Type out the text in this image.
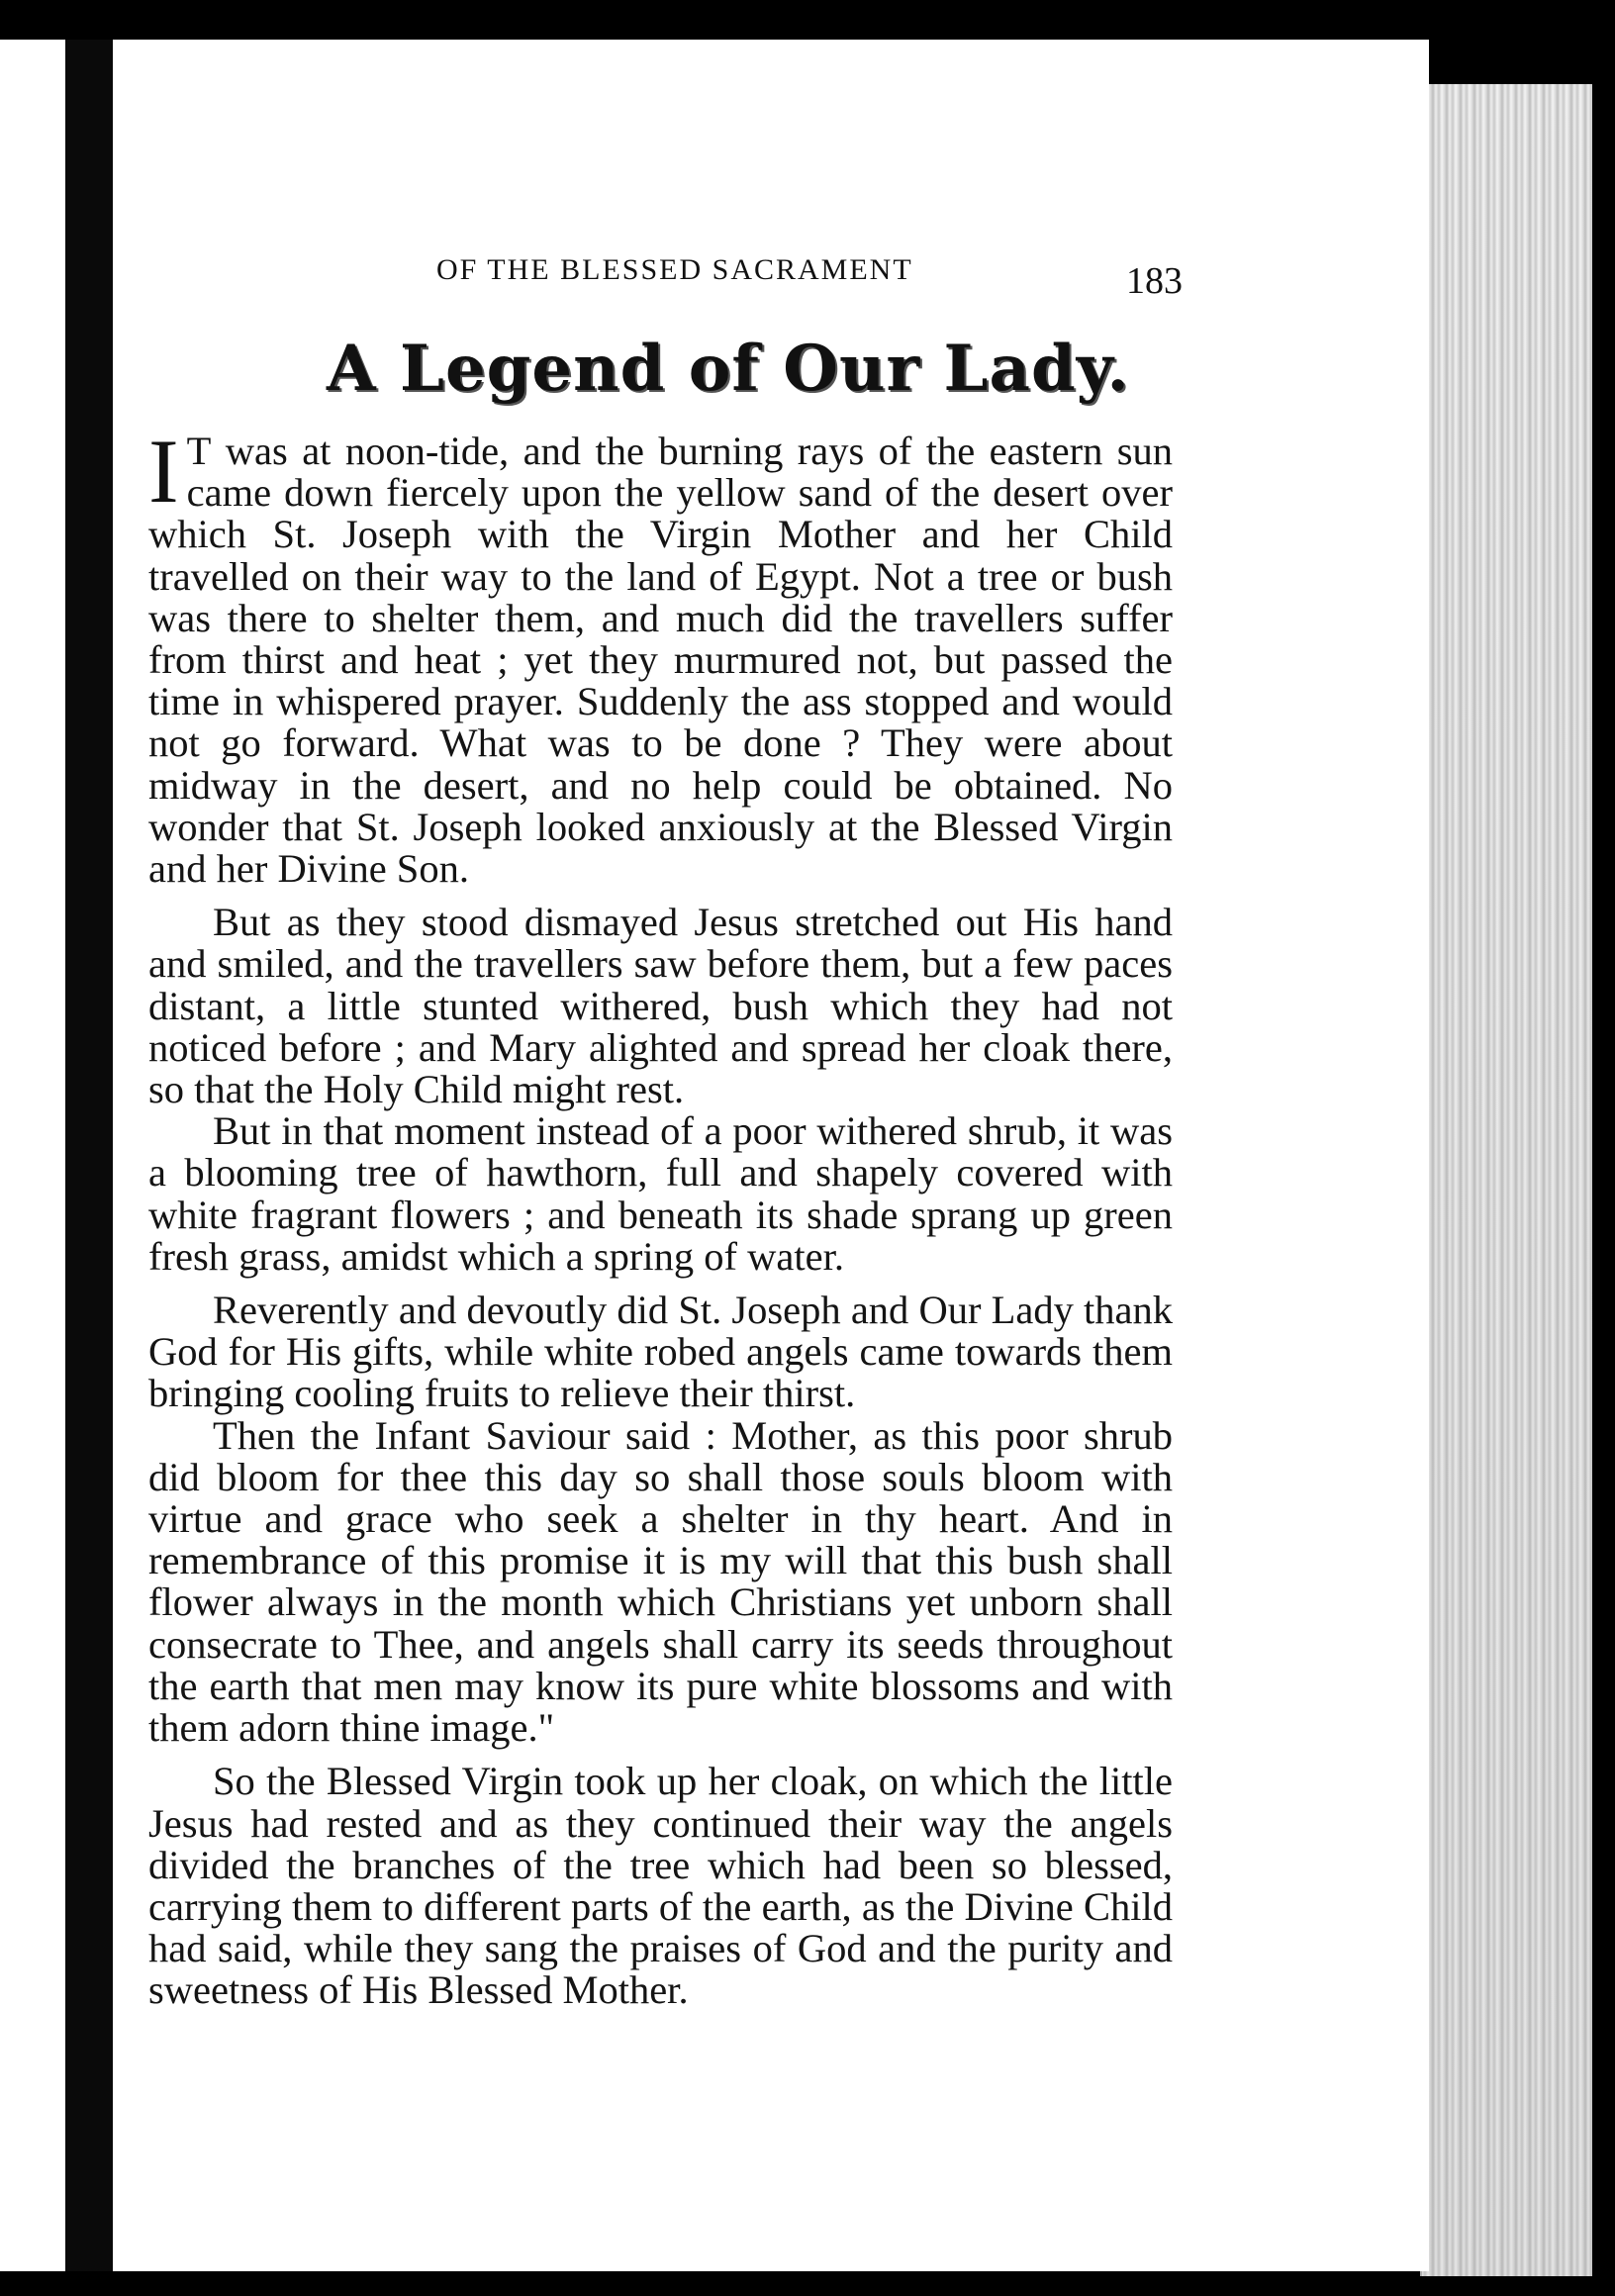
OF THE BLESSED SACRAMENT	183
A Legend of Our Lady.

I T was at noon-tide, and the burning rays of the eastern sun came down fiercely upon the yellow sand of the desert over which St. Joseph with the Virgin Mother and her Child travelled on their way to the land of Egypt. Not a tree or bush was there to shelter them, and much did the travellers suffer from thirst and heat ; yet they murmured not, but passed the time in whispered prayer. Suddenly the ass stopped and would not go forward. What was to be done ? They were about midway in the desert, and no help could be obtained. No wonder that St. Joseph looked anxiously at the Blessed Virgin and her Divine Son.

But as they stood dismayed Jesus stretched out His hand and smiled, and the travellers saw before them, but a few paces distant, a little stunted withered, bush which they had not noticed before ; and Mary alighted and spread her cloak there, so that the Holy Child might rest.

But in that moment instead of a poor withered shrub, it was a blooming tree of hawthorn, full and shapely covered with white fragrant flowers ; and beneath its shade sprang up green fresh grass, amidst which a spring of water.

Reverently and devoutly did St. Joseph and Our Lady thank God for His gifts, while white robed angels came towards them bringing cooling fruits to relieve their thirst.

Then the Infant Saviour said : Mother, as this poor shrub did bloom for thee this day so shall those souls bloom with virtue and grace who seek a shelter in thy heart. And in remembrance of this promise it is my will that this bush shall flower always in the month which Christians yet unborn shall consecrate to Thee, and angels shall carry its seeds throughout the earth that men may know its pure white blossoms and with them adorn thine image."

So the Blessed Virgin took up her cloak, on which the little Jesus had rested and as they continued their way the angels divided the branches of the tree which had been so blessed, carrying them to different parts of the earth, as the Divine Child had said, while they sang the praises of God and the purity and sweetness of His Blessed Mother.
